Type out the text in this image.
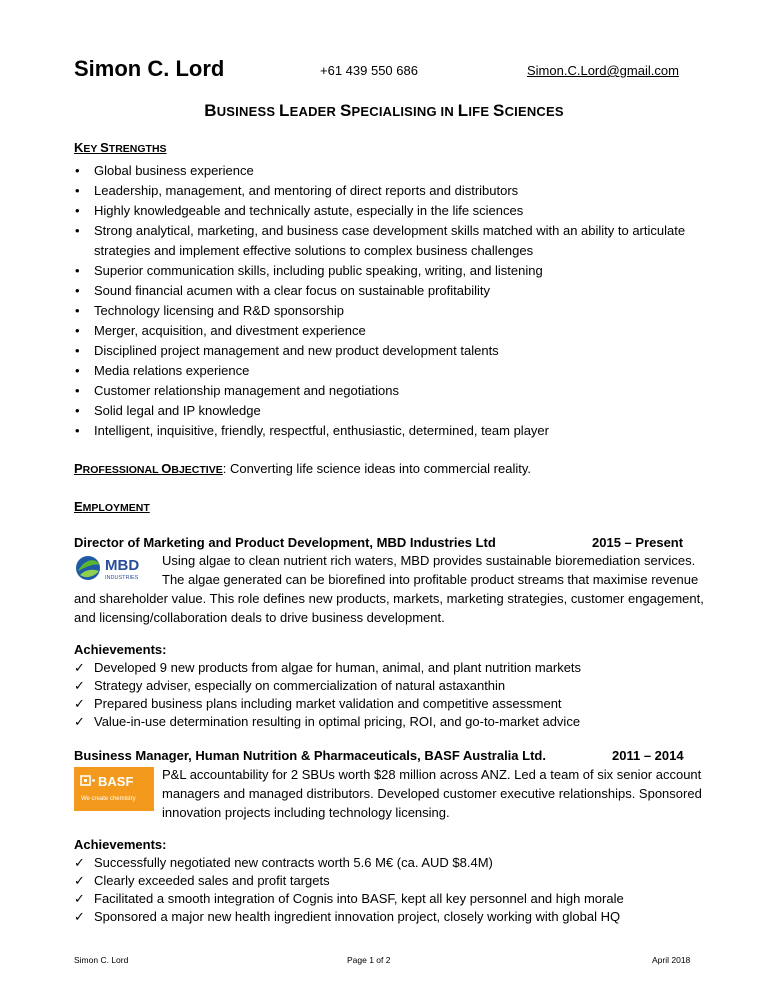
Simon C. Lord	+61 439 550 686	Simon.C.Lord@gmail.com
BUSINESS LEADER SPECIALISING IN LIFE SCIENCES
KEY STRENGTHS
• Global business experience
• Leadership, management, and mentoring of direct reports and distributors
• Highly knowledgeable and technically astute, especially in the life sciences
• Strong analytical, marketing, and business case development skills matched with an ability to articulate strategies and implement effective solutions to complex business challenges
• Superior communication skills, including public speaking, writing, and listening
• Sound financial acumen with a clear focus on sustainable profitability
• Technology licensing and R&D sponsorship
• Merger, acquisition, and divestment experience
• Disciplined project management and new product development talents
• Media relations experience
• Customer relationship management and negotiations
• Solid legal and IP knowledge
• Intelligent, inquisitive, friendly, respectful, enthusiastic, determined, team player
PROFESSIONAL OBJECTIVE: Converting life science ideas into commercial reality.
EMPLOYMENT
Director of Marketing and Product Development, MBD Industries Ltd	2015 – Present
MBD
INDUSTRIES
Using algae to clean nutrient rich waters, MBD provides sustainable bioremediation services. The algae generated can be biorefined into profitable product streams that maximise revenue and shareholder value. This role defines new products, markets, marketing strategies, customer engagement, and licensing/collaboration deals to drive business development.
Achievements:
✓ Developed 9 new products from algae for human, animal, and plant nutrition markets
✓ Strategy adviser, especially on commercialization of natural astaxanthin
✓ Prepared business plans including market validation and competitive assessment
✓ Value-in-use determination resulting in optimal pricing, ROI, and go-to-market advice
Business Manager, Human Nutrition & Pharmaceuticals, BASF Australia Ltd.	2011 – 2014
BASF
We create chemistry
P&L accountability for 2 SBUs worth $28 million across ANZ. Led a team of six senior account managers and managed distributors. Developed customer executive relationships. Sponsored innovation projects including technology licensing.
Achievements:
✓ Successfully negotiated new contracts worth 5.6 M€ (ca. AUD $8.4M)
✓ Clearly exceeded sales and profit targets
✓ Facilitated a smooth integration of Cognis into BASF, kept all key personnel and high morale
✓ Sponsored a major new health ingredient innovation project, closely working with global HQ
Simon C. Lord	Page 1 of 2	April 2018
